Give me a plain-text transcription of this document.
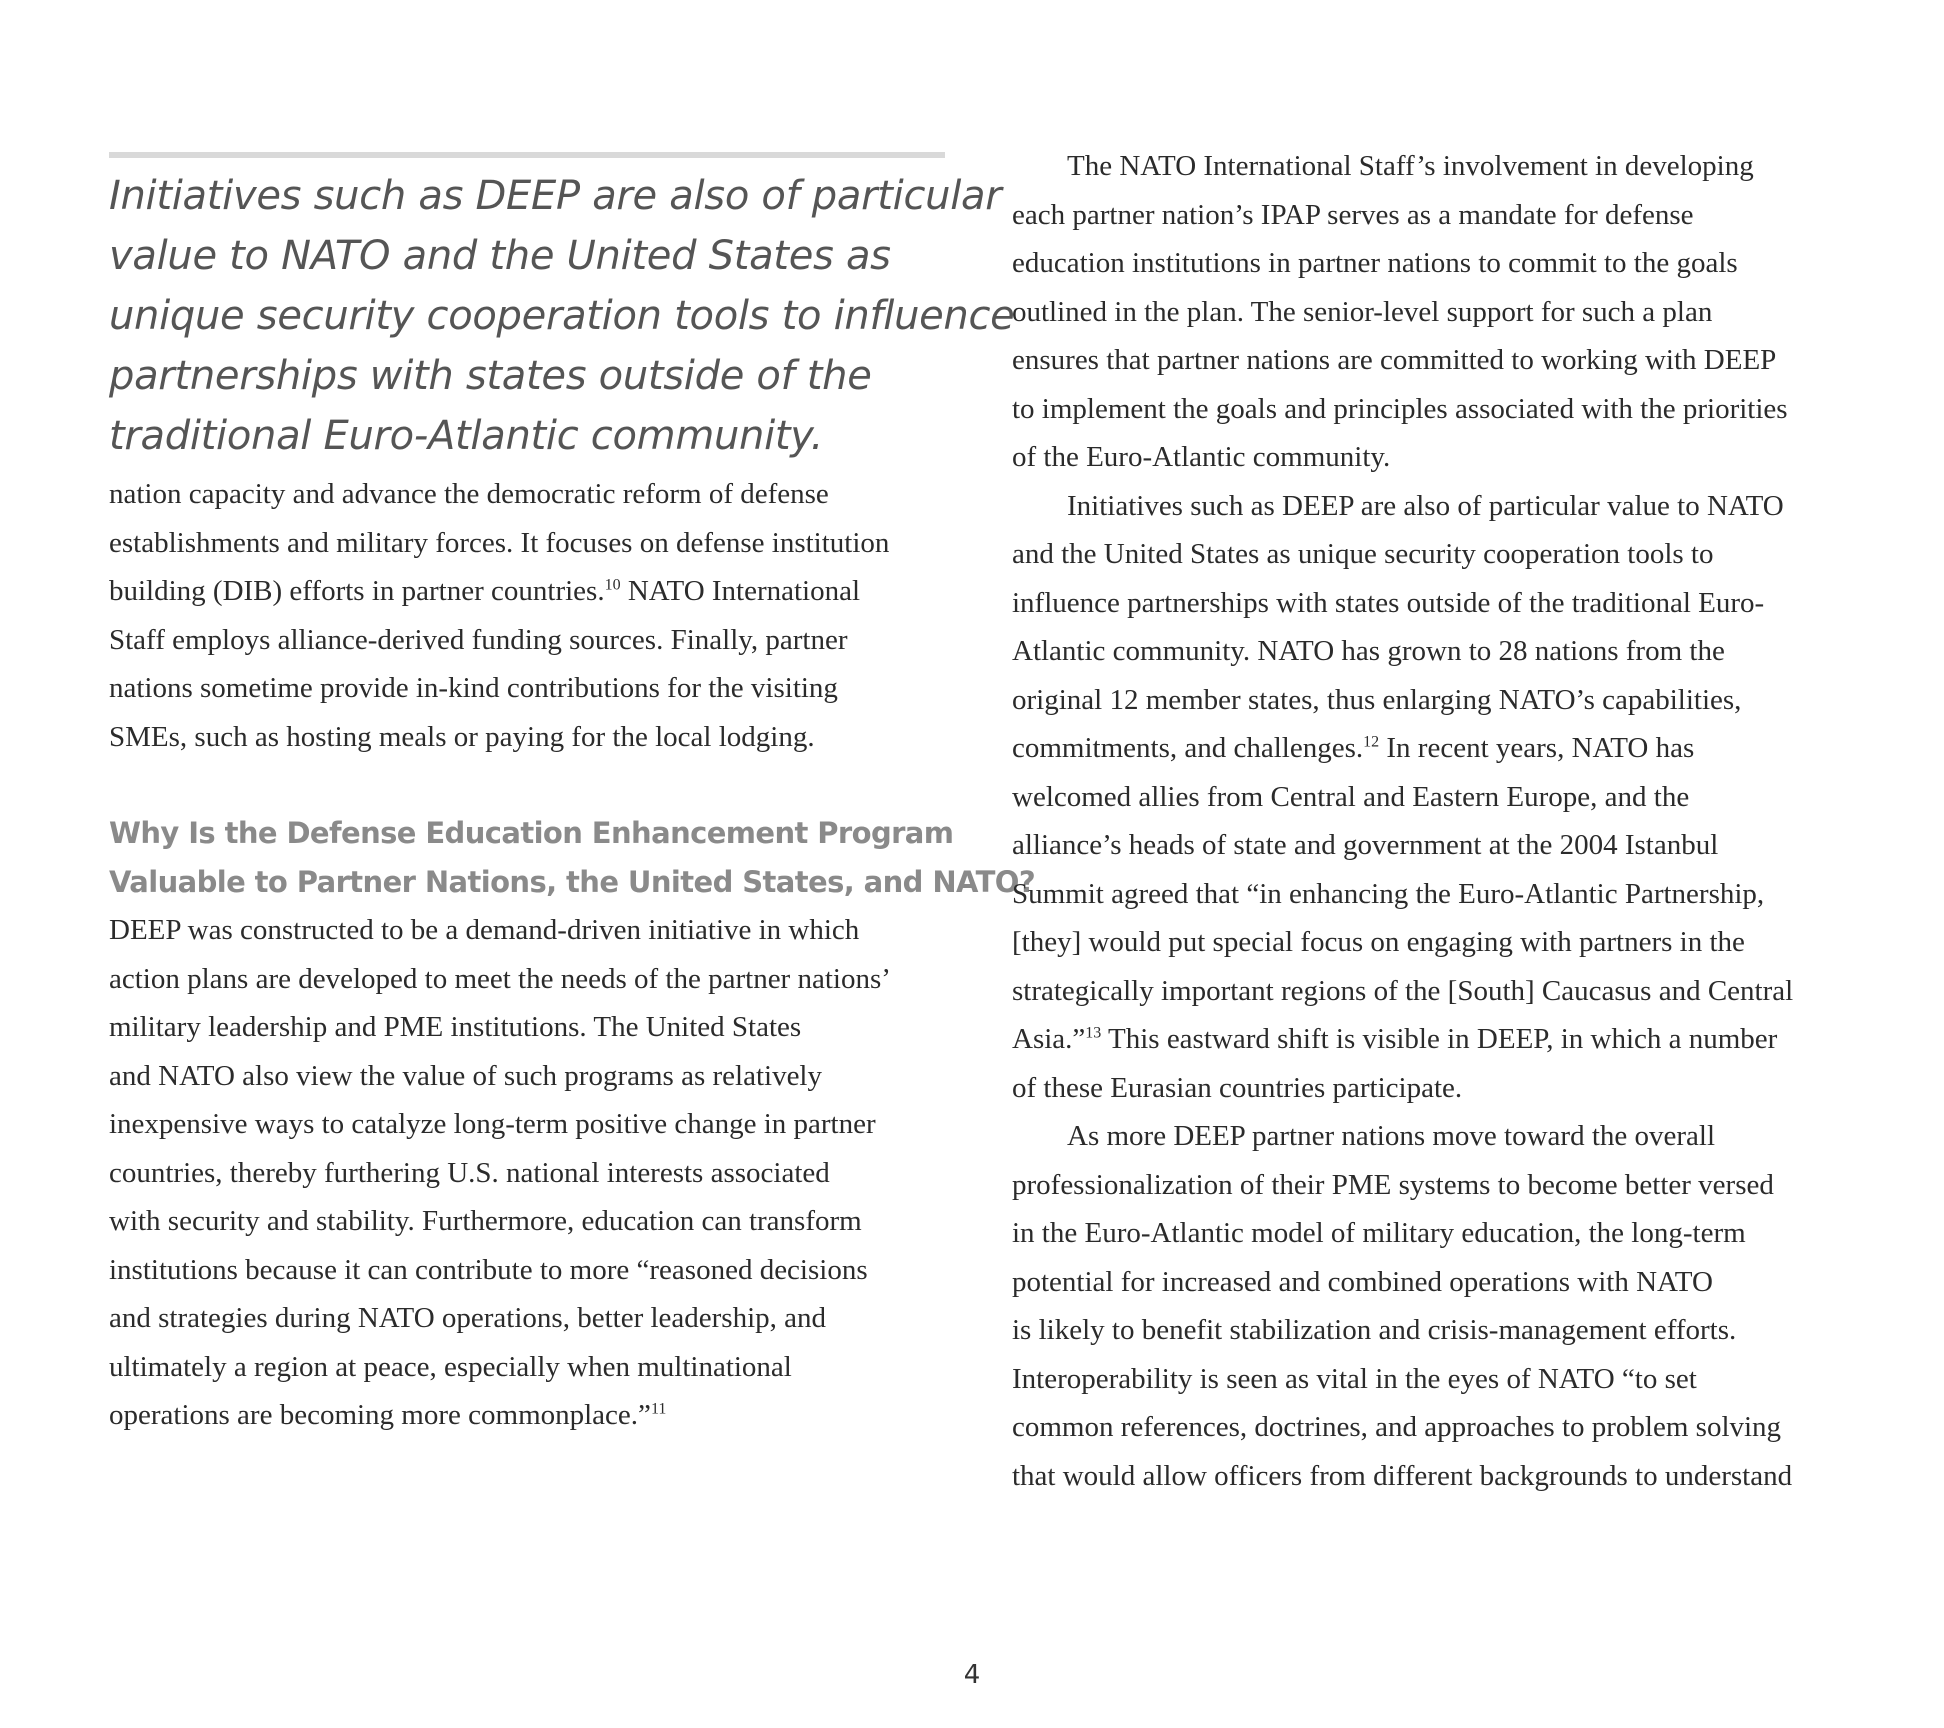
Initiatives such as DEEP are also of particular
value to NATO and the United States as
unique security cooperation tools to influence
partnerships with states outside of the
traditional Euro-Atlantic community.
nation capacity and advance the democratic reform of defense
establishments and military forces. It focuses on defense institution
building (DIB) efforts in partner countries.$^{10}$ NATO International
Staff employs alliance-derived funding sources. Finally, partner
nations sometime provide in-kind contributions for the visiting
SMEs, such as hosting meals or paying for the local lodging.
Why Is the Defense Education Enhancement Program
Valuable to Partner Nations, the United States, and NATO?
DEEP was constructed to be a demand-driven initiative in which
action plans are developed to meet the needs of the partner nations’
military leadership and PME institutions. The United States
and NATO also view the value of such programs as relatively
inexpensive ways to catalyze long-term positive change in partner
countries, thereby furthering U.S. national interests associated
with security and stability. Furthermore, education can transform
institutions because it can contribute to more “reasoned decisions
and strategies during NATO operations, better leadership, and
ultimately a region at peace, especially when multinational
operations are becoming more commonplace.”$^{11}$
The NATO International Staff’s involvement in developing
each partner nation’s IPAP serves as a mandate for defense
education institutions in partner nations to commit to the goals
outlined in the plan. The senior-level support for such a plan
ensures that partner nations are committed to working with DEEP
to implement the goals and principles associated with the priorities
of the Euro-Atlantic community.
Initiatives such as DEEP are also of particular value to NATO
and the United States as unique security cooperation tools to
influence partnerships with states outside of the traditional Euro-
Atlantic community. NATO has grown to 28 nations from the
original 12 member states, thus enlarging NATO’s capabilities,
commitments, and challenges.$^{12}$ In recent years, NATO has
welcomed allies from Central and Eastern Europe, and the
alliance’s heads of state and government at the 2004 Istanbul
Summit agreed that “in enhancing the Euro-Atlantic Partnership,
[they] would put special focus on engaging with partners in the
strategically important regions of the [South] Caucasus and Central
Asia.”$^{13}$ This eastward shift is visible in DEEP, in which a number
of these Eurasian countries participate.
As more DEEP partner nations move toward the overall
professionalization of their PME systems to become better versed
in the Euro-Atlantic model of military education, the long-term
potential for increased and combined operations with NATO
is likely to benefit stabilization and crisis-management efforts.
Interoperability is seen as vital in the eyes of NATO “to set
common references, doctrines, and approaches to problem solving
that would allow officers from different backgrounds to understand
4
